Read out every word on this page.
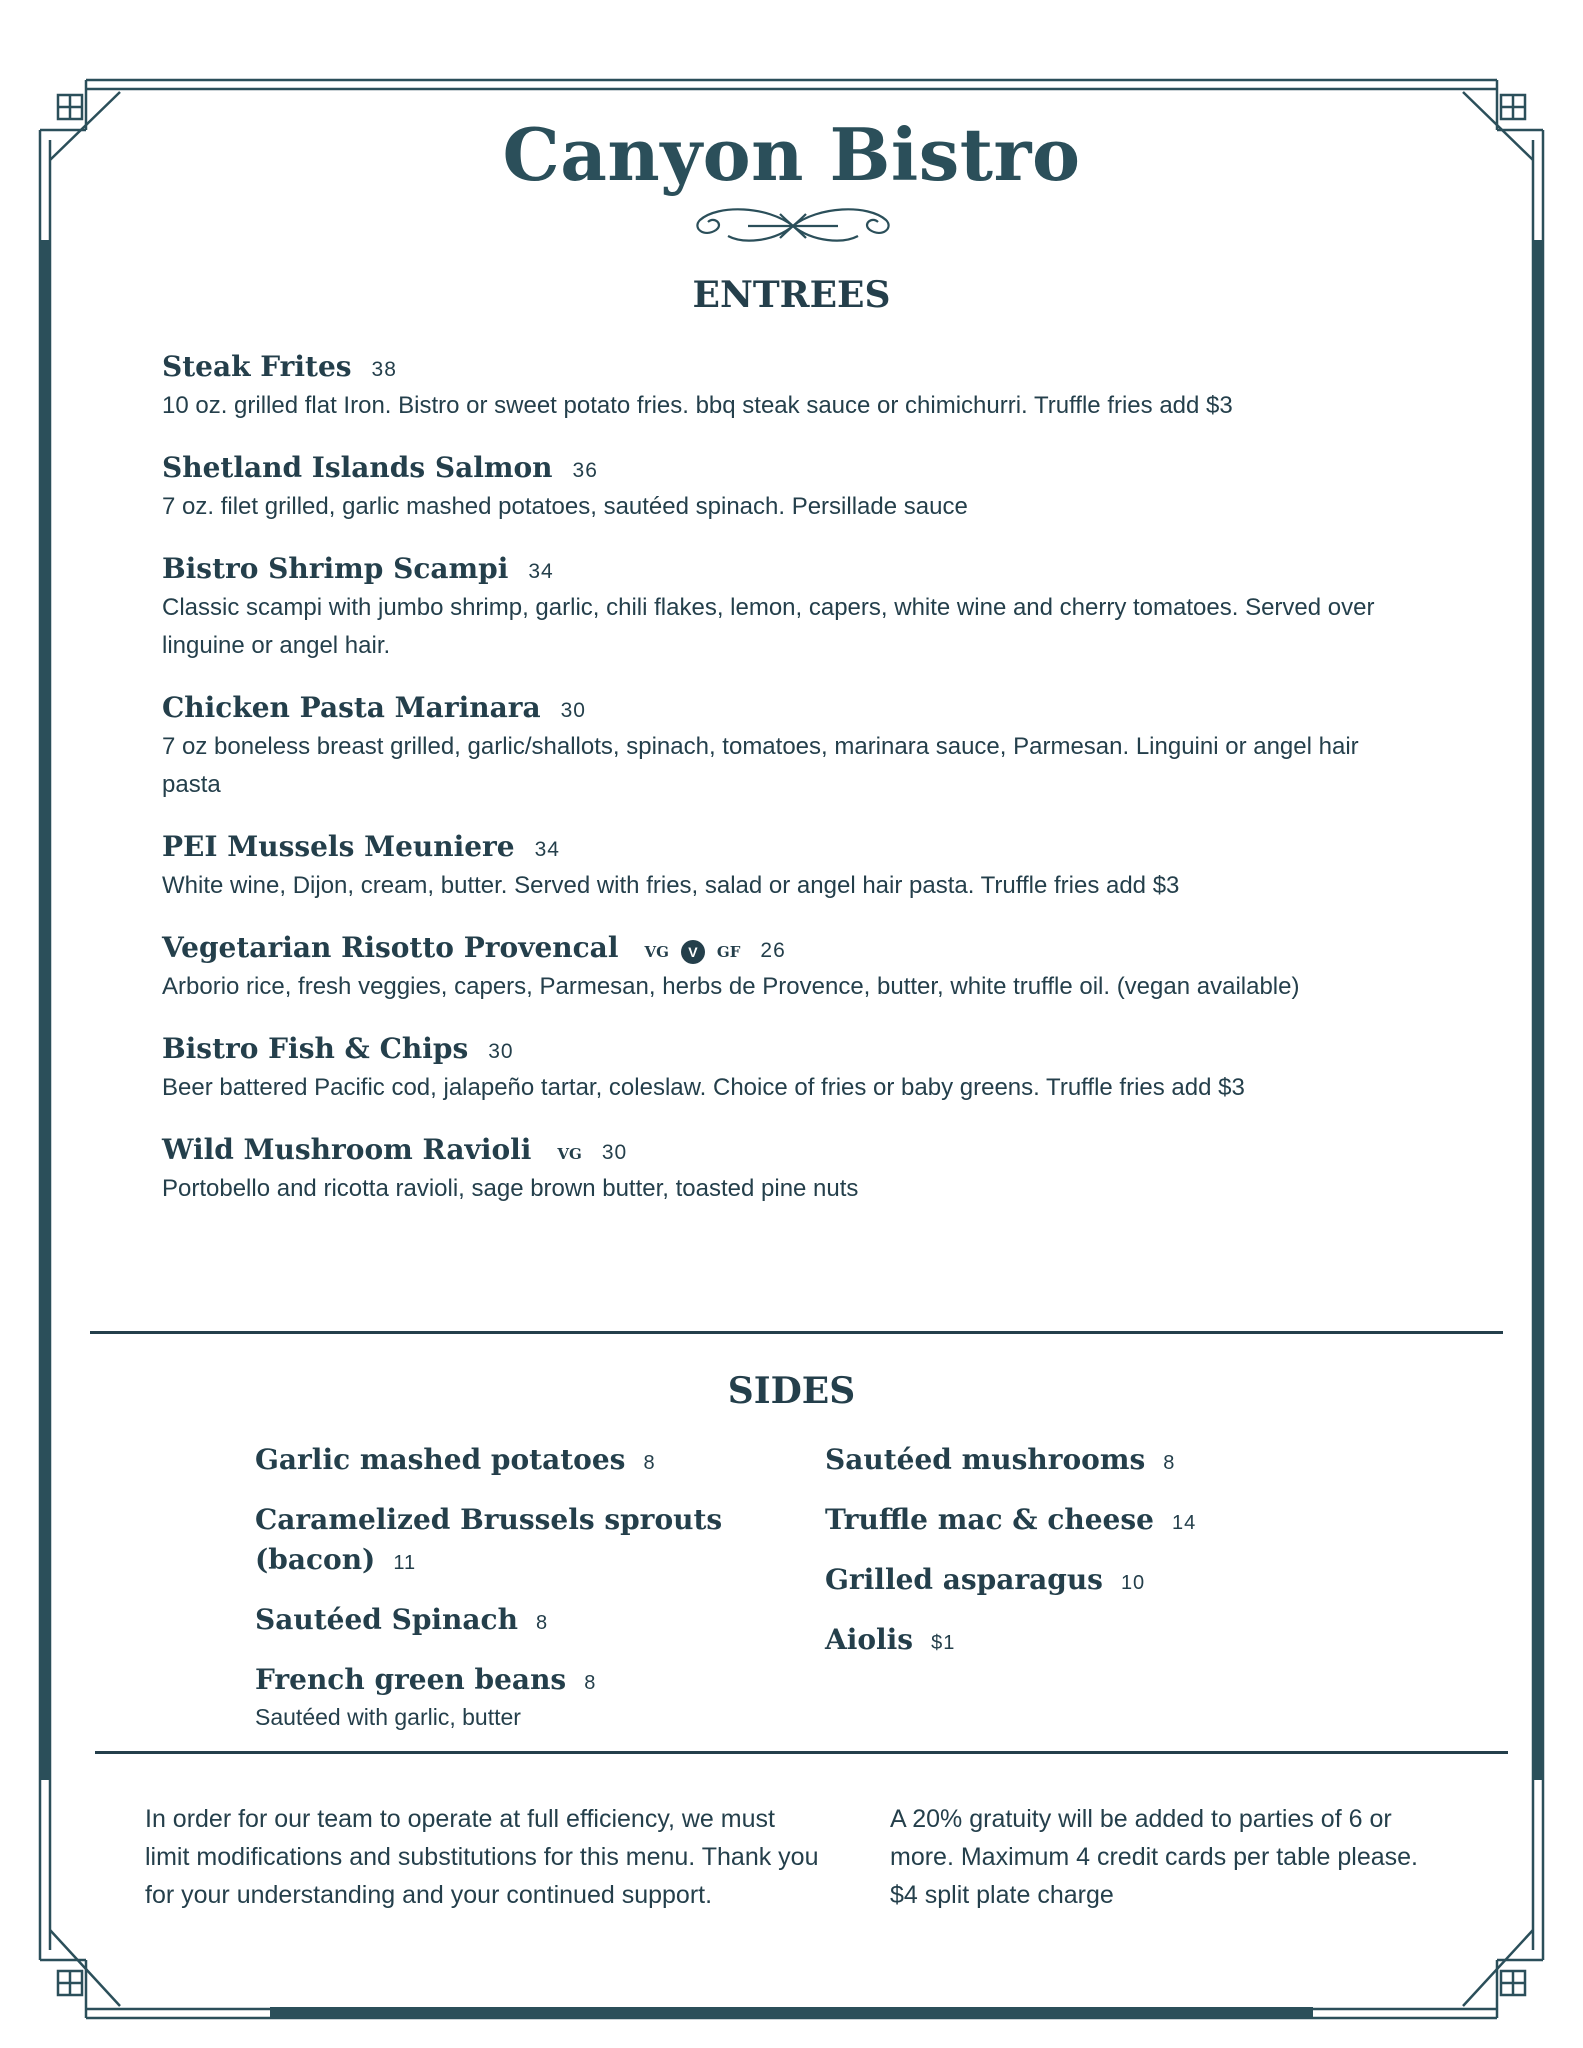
Canyon Bistro
ENTREES
Steak Frites 38
10 oz. grilled flat Iron. Bistro or sweet potato fries. bbq steak sauce or chimichurri. Truffle fries add $3
Shetland Islands Salmon 36
7 oz. filet grilled, garlic mashed potatoes, sautéed spinach. Persillade sauce
Bistro Shrimp Scampi 34
Classic scampi with jumbo shrimp, garlic, chili flakes, lemon, capers, white wine and cherry tomatoes. Served over linguine or angel hair.
Chicken Pasta Marinara 30
7 oz boneless breast grilled, garlic/shallots, spinach, tomatoes, marinara sauce, Parmesan. Linguini or angel hair pasta
PEI Mussels Meuniere 34
White wine, Dijon, cream, butter. Served with fries, salad or angel hair pasta. Truffle fries add $3
Vegetarian Risotto Provencal VG	V	GF 26
Arborio rice, fresh veggies, capers, Parmesan, herbs de Provence, butter, white truffle oil. (vegan available)
Bistro Fish & Chips 30
Beer battered Pacific cod, jalapeño tartar, coleslaw. Choice of fries or baby greens. Truffle fries add $3
Wild Mushroom Ravioli VG 30
Portobello and ricotta ravioli, sage brown butter, toasted pine nuts
SIDES
Garlic mashed potatoes 8
Caramelized Brussels sprouts (bacon) 11
Sautéed Spinach 8
French green beans 8
Sautéed with garlic, butter
Sautéed mushrooms 8
Truffle mac & cheese 14
Grilled asparagus 10
Aiolis $1
In order for our team to operate at full efficiency, we must limit modifications and substitutions for this menu. Thank you for your understanding and your continued support.
A 20% gratuity will be added to parties of 6 or more. Maximum 4 credit cards per table please. $4 split plate charge
